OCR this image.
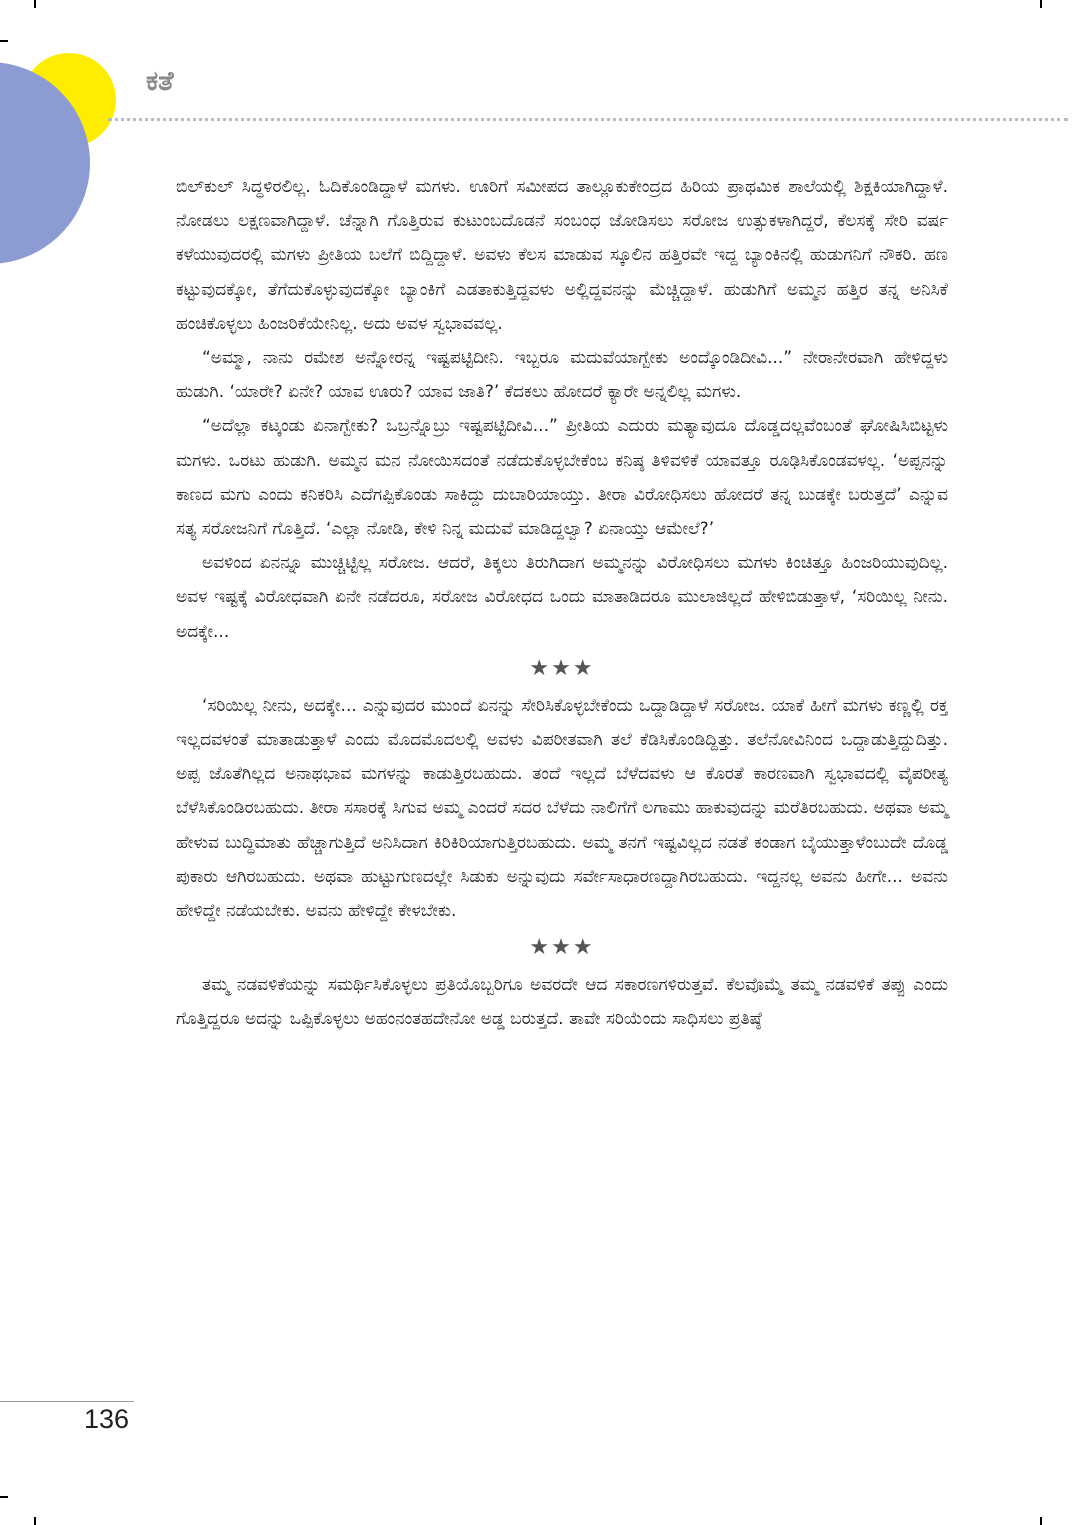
ಕತೆ

ಬಿಲ್‌ಕುಲ್ ಸಿದ್ಧಳಿರಲಿಲ್ಲ. ಓದಿಕೊಂಡಿದ್ದಾಳೆ ಮಗಳು. ಊರಿಗೆ ಸಮೀಪದ ತಾಲ್ಲೂಕುಕೇಂದ್ರದ ಹಿರಿಯ ಪ್ರಾಥಮಿಕ ಶಾಲೆಯಲ್ಲಿ ಶಿಕ್ಷಕಿಯಾಗಿದ್ದಾಳೆ. ನೋಡಲು ಲಕ್ಷಣವಾಗಿದ್ದಾಳೆ. ಚೆನ್ನಾಗಿ ಗೊತ್ತಿರುವ ಕುಟುಂಬದೊಡನೆ ಸಂಬಂಧ ಜೋಡಿಸಲು ಸರೋಜ ಉತ್ಸುಕಳಾಗಿದ್ದರೆ, ಕೆಲಸಕ್ಕೆ ಸೇರಿ ವರ್ಷ ಕಳೆಯುವುದರಲ್ಲಿ ಮಗಳು ಪ್ರೀತಿಯ ಬಲೆಗೆ ಬಿದ್ದಿದ್ದಾಳೆ. ಅವಳು ಕೆಲಸ ಮಾಡುವ ಸ್ಕೂಲಿನ ಹತ್ತಿರವೇ ಇದ್ದ ಬ್ಯಾಂಕಿನಲ್ಲಿ ಹುಡುಗನಿಗೆ ನೌಕರಿ. ಹಣ ಕಟ್ಟುವುದಕ್ಕೋ, ತೆಗೆದುಕೊಳ್ಳುವುದಕ್ಕೋ ಬ್ಯಾಂಕಿಗೆ ಎಡತಾಕುತ್ತಿದ್ದವಳು ಅಲ್ಲಿದ್ದವನನ್ನು ಮೆಚ್ಚಿದ್ದಾಳೆ. ಹುಡುಗಿಗೆ ಅಮ್ಮನ ಹತ್ತಿರ ತನ್ನ ಅನಿಸಿಕೆ ಹಂಚಿಕೊಳ್ಳಲು ಹಿಂಜರಿಕೆಯೇನಿಲ್ಲ. ಅದು ಅವಳ ಸ್ವಭಾವವಲ್ಲ.

“ಅಮ್ಮಾ, ನಾನು ರಮೇಶ ಅನ್ನೋರನ್ನ ಇಷ್ಟಪಟ್ಟಿದೀನಿ. ಇಬ್ಬರೂ ಮದುವೆಯಾಗ್ಬೇಕು ಅಂದ್ಕೊಂಡಿದೀವಿ...” ನೇರಾನೇರವಾಗಿ ಹೇಳಿದ್ದಳು ಹುಡುಗಿ. ‘ಯಾರೇ? ಏನೇ? ಯಾವ ಊರು? ಯಾವ ಜಾತಿ?’ ಕೆದಕಲು ಹೋದರೆ ಕ್ಯಾರೇ ಅನ್ನಲಿಲ್ಲ ಮಗಳು.

“ಅದೆಲ್ಲಾ ಕಟ್ಕಂಡು ಏನಾಗ್ಬೇಕು? ಒಬ್ರನ್ನೊಬ್ರು ಇಷ್ಟಪಟ್ಟಿದೀವಿ...” ಪ್ರೀತಿಯ ಎದುರು ಮತ್ಯಾವುದೂ ದೊಡ್ಡದಲ್ಲವೆಂಬಂತೆ ಘೋಷಿಸಿಬಿಟ್ಟಳು ಮಗಳು. ಒರಟು ಹುಡುಗಿ. ಅಮ್ಮನ ಮನ ನೋಯಿಸದಂತೆ ನಡೆದುಕೊಳ್ಳಬೇಕೆಂಬ ಕನಿಷ್ಠ ತಿಳಿವಳಿಕೆ ಯಾವತ್ತೂ ರೂಢಿಸಿಕೊಂಡವಳಲ್ಲ. ‘ಅಪ್ಪನನ್ನು ಕಾಣದ ಮಗು ಎಂದು ಕನಿಕರಿಸಿ ಎದೆಗಪ್ಪಿಕೊಂಡು ಸಾಕಿದ್ದು ದುಬಾರಿಯಾಯ್ತು. ತೀರಾ ವಿರೋಧಿಸಲು ಹೋದರೆ ತನ್ನ ಬುಡಕ್ಕೇ ಬರುತ್ತದೆ’ ಎನ್ನುವ ಸತ್ಯ ಸರೋಜನಿಗೆ ಗೊತ್ತಿದೆ. ‘ಎಲ್ಲಾ ನೋಡಿ, ಕೇಳಿ ನಿನ್ನ ಮದುವೆ ಮಾಡಿದ್ದಲ್ವಾ? ಏನಾಯ್ತು ಆಮೇಲೆ?’

ಅವಳಿಂದ ಏನನ್ನೂ ಮುಚ್ಚಿಟ್ಟಿಲ್ಲ ಸರೋಜ. ಆದರೆ, ತಿಕ್ಕಲು ತಿರುಗಿದಾಗ ಅಮ್ಮನನ್ನು ವಿರೋಧಿಸಲು ಮಗಳು ಕಿಂಚಿತ್ತೂ ಹಿಂಜರಿಯುವುದಿಲ್ಲ. ಅವಳ ಇಷ್ಟಕ್ಕೆ ವಿರೋಧವಾಗಿ ಏನೇ ನಡೆದರೂ, ಸರೋಜ ವಿರೋಧದ ಒಂದು ಮಾತಾಡಿದರೂ ಮುಲಾಜಿಲ್ಲದೆ ಹೇಳಿಬಿಡುತ್ತಾಳೆ, ‘ಸರಿಯಿಲ್ಲ ನೀನು. ಅದಕ್ಕೇ...

★★★

‘ಸರಿಯಿಲ್ಲ ನೀನು, ಅದಕ್ಕೇ... ಎನ್ನುವುದರ ಮುಂದೆ ಏನನ್ನು ಸೇರಿಸಿಕೊಳ್ಳಬೇಕೆಂದು ಒದ್ದಾಡಿದ್ದಾಳೆ ಸರೋಜ. ಯಾಕೆ ಹೀಗೆ ಮಗಳು ಕಣ್ಣಲ್ಲಿ ರಕ್ತ ಇಲ್ಲದವಳಂತೆ ಮಾತಾಡುತ್ತಾಳೆ ಎಂದು ಮೊದಮೊದಲಲ್ಲಿ ಅವಳು ವಿಪರೀತವಾಗಿ ತಲೆ ಕೆಡಿಸಿಕೊಂಡಿದ್ದಿತ್ತು. ತಲೆನೋವಿನಿಂದ ಒದ್ದಾಡುತ್ತಿದ್ದುದಿತ್ತು. ಅಪ್ಪ ಜೊತೆಗಿಲ್ಲದ ಅನಾಥಭಾವ ಮಗಳನ್ನು ಕಾಡುತ್ತಿರಬಹುದು. ತಂದೆ ಇಲ್ಲದೆ ಬೆಳೆದವಳು ಆ ಕೊರತೆ ಕಾರಣವಾಗಿ ಸ್ವಭಾವದಲ್ಲಿ ವೈಪರೀತ್ಯ ಬೆಳೆಸಿಕೊಂಡಿರಬಹುದು. ತೀರಾ ಸಸಾರಕ್ಕೆ ಸಿಗುವ ಅಮ್ಮ ಎಂದರೆ ಸದರ ಬೆಳೆದು ನಾಲಿಗೆಗೆ ಲಗಾಮು ಹಾಕುವುದನ್ನು ಮರೆತಿರಬಹುದು. ಅಥವಾ ಅಮ್ಮ ಹೇಳುವ ಬುದ್ಧಿಮಾತು ಹೆಚ್ಚಾಗುತ್ತಿದೆ ಅನಿಸಿದಾಗ ಕಿರಿಕಿರಿಯಾಗುತ್ತಿರಬಹುದು. ಅಮ್ಮ ತನಗೆ ಇಷ್ಟವಿಲ್ಲದ ನಡತೆ ಕಂಡಾಗ ಬೈಯುತ್ತಾಳೆಂಬುದೇ ದೊಡ್ಡ ಪುಕಾರು ಆಗಿರಬಹುದು. ಅಥವಾ ಹುಟ್ಟುಗುಣದಲ್ಲೇ ಸಿಡುಕು ಅನ್ನುವುದು ಸರ್ವೇಸಾಧಾರಣದ್ದಾಗಿರಬಹುದು. ಇದ್ದನಲ್ಲ ಅವನು ಹೀಗೇ... ಅವನು ಹೇಳಿದ್ದೇ ನಡೆಯಬೇಕು. ಅವನು ಹೇಳಿದ್ದೇ ಕೇಳಬೇಕು.

★★★

ತಮ್ಮ ನಡವಳಿಕೆಯನ್ನು ಸಮರ್ಥಿಸಿಕೊಳ್ಳಲು ಪ್ರತಿಯೊಬ್ಬರಿಗೂ ಅವರದೇ ಆದ ಸಕಾರಣಗಳಿರುತ್ತವೆ. ಕೆಲವೊಮ್ಮೆ ತಮ್ಮ ನಡವಳಿಕೆ ತಪ್ಪು ಎಂದು ಗೊತ್ತಿದ್ದರೂ ಅದನ್ನು ಒಪ್ಪಿಕೊಳ್ಳಲು ಅಹಂನಂತಹದೇನೋ ಅಡ್ಡ ಬರುತ್ತದೆ. ತಾವೇ ಸರಿಯೆಂದು ಸಾಧಿಸಲು ಪ್ರತಿಷ್ಠೆ

136
